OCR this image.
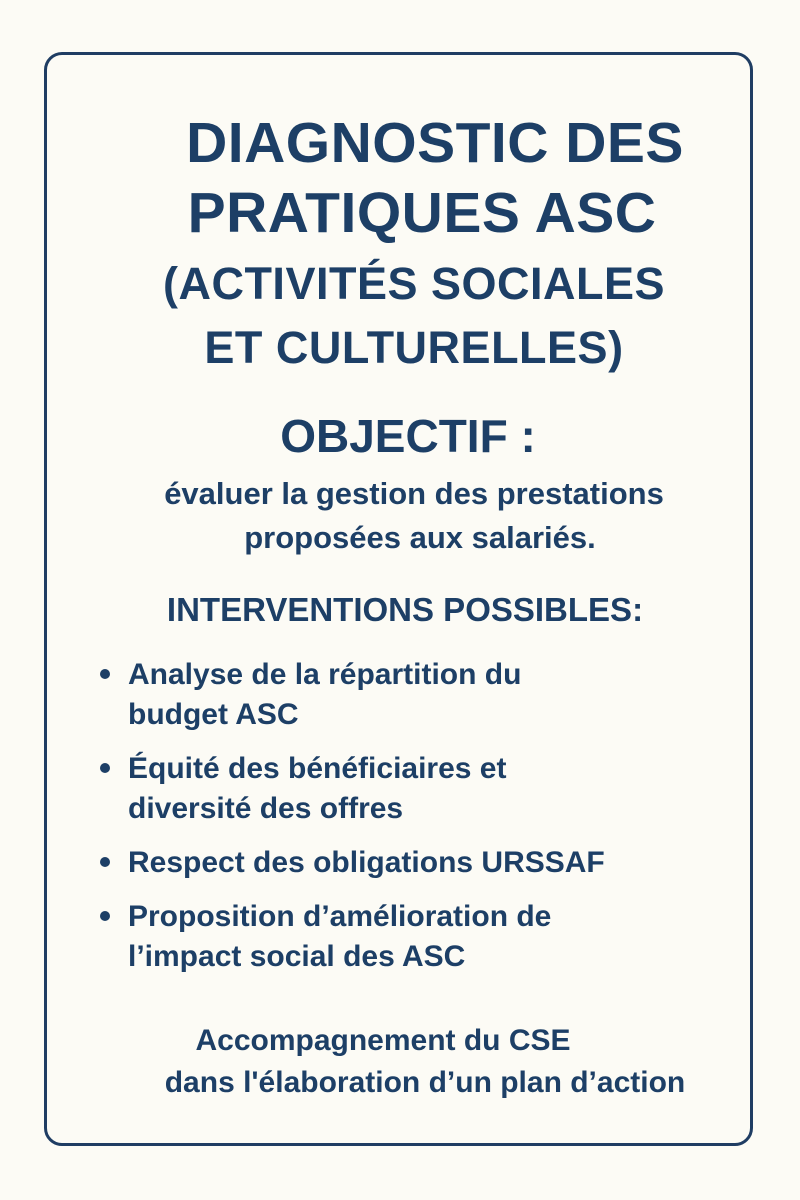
DIAGNOSTIC DES
PRATIQUES ASC
(ACTIVITÉS SOCIALES
ET CULTURELLES)
OBJECTIF :

évaluer la gestion des prestations

proposées aux salariés.

INTERVENTIONS POSSIBLES:
Analyse de la répartition du
budget ASC
Équité des bénéficiaires et
diversité des offres
Respect des obligations URSSAF
Proposition d’amélioration de
l’impact social des ASC

Accompagnement du CSE

dans l'élaboration d’un plan d’action
